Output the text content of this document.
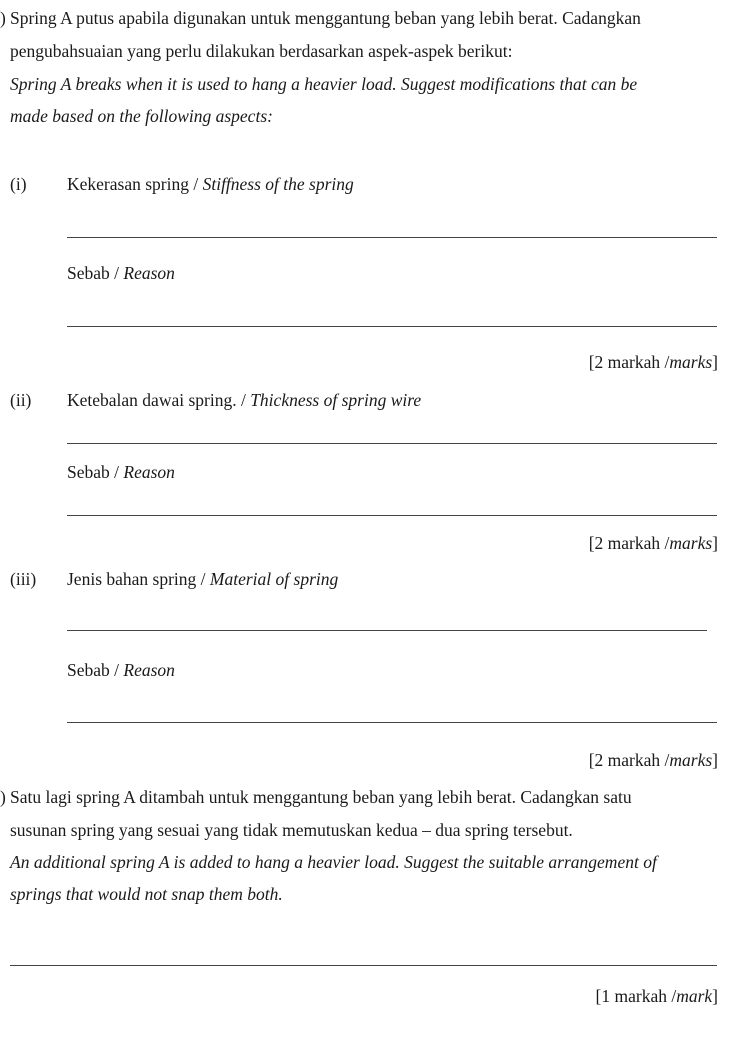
) Spring A putus apabila digunakan untuk menggantung beban yang lebih berat. Cadangkan
pengubahsuaian yang perlu dilakukan berdasarkan aspek-aspek berikut:
Spring A breaks when it is used to hang a heavier load. Suggest modifications that can be
made based on the following aspects:
(i) Kekerasan spring / Stiffness of the spring
Sebab / Reason
[2 markah /marks]
(ii) Ketebalan dawai spring. / Thickness of spring wire
Sebab / Reason
[2 markah /marks]
(iii) Jenis bahan spring / Material of spring
Sebab / Reason
[2 markah /marks]
) Satu lagi spring A ditambah untuk menggantung beban yang lebih berat. Cadangkan satu
susunan spring yang sesuai yang tidak memutuskan kedua – dua spring tersebut.
An additional spring A is added to hang a heavier load. Suggest the suitable arrangement of
springs that would not snap them both.
[1 markah /mark]
